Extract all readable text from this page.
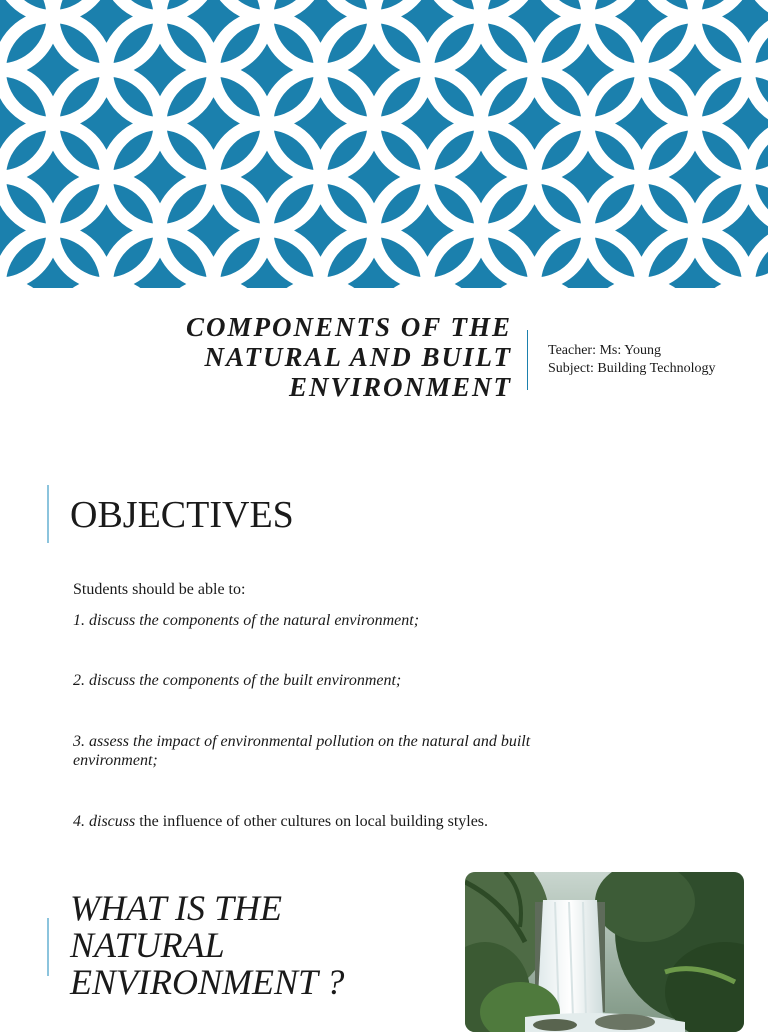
COMPONENTS OF THE
NATURAL AND BUILT
ENVIRONMENT
Teacher: Ms: Young
Subject: Building Technology
OBJECTIVES
Students should be able to:
1. discuss the components of the natural environment;
2. discuss the components of the built environment;
3. assess the impact of environmental pollution on the natural and built environment;
4. discuss the influence of other cultures on local building styles.
WHAT IS THE
NATURAL
ENVIRONMENT ?
